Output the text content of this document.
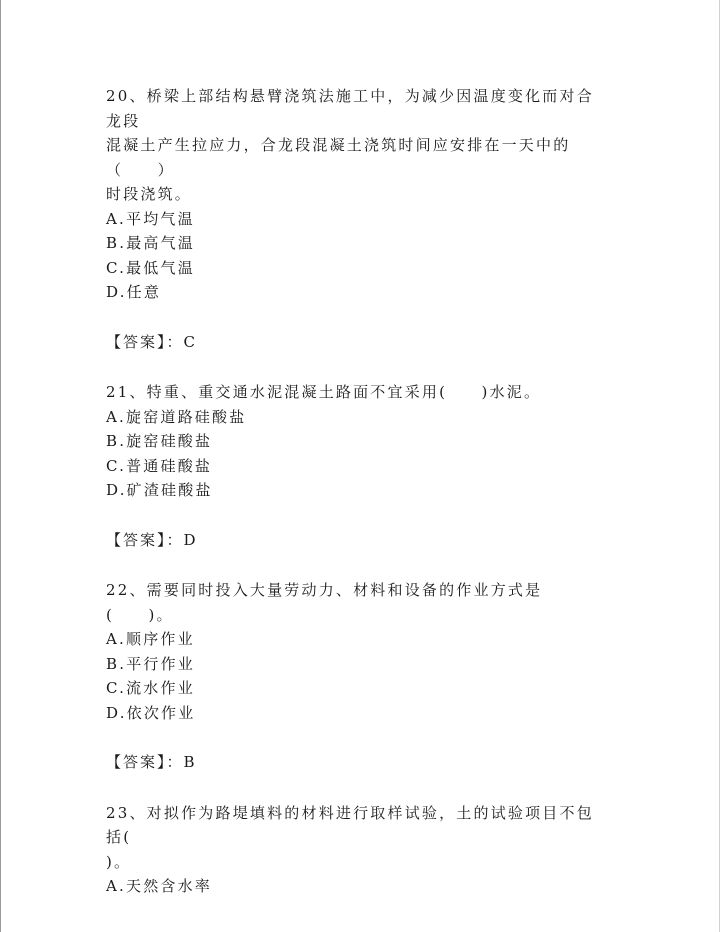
20、桥梁上部结构悬臂浇筑法施工中，为减少因温度变化而对合龙段

混凝土产生拉应力，合龙段混凝土浇筑时间应安排在一天中的（　　）

时段浇筑。

A.平均气温

B.最高气温

C.最低气温

D.任意

【答案】：C

21、特重、重交通水泥混凝土路面不宜采用(　　)水泥。

A.旋窑道路硅酸盐

B.旋窑硅酸盐

C.普通硅酸盐

D.矿渣硅酸盐

【答案】：D

22、需要同时投入大量劳动力、材料和设备的作业方式是(　　)。

A.顺序作业

B.平行作业

C.流水作业

D.依次作业

【答案】：B

23、对拟作为路堤填料的材料进行取样试验，土的试验项目不包括(

)。

A.天然含水率
